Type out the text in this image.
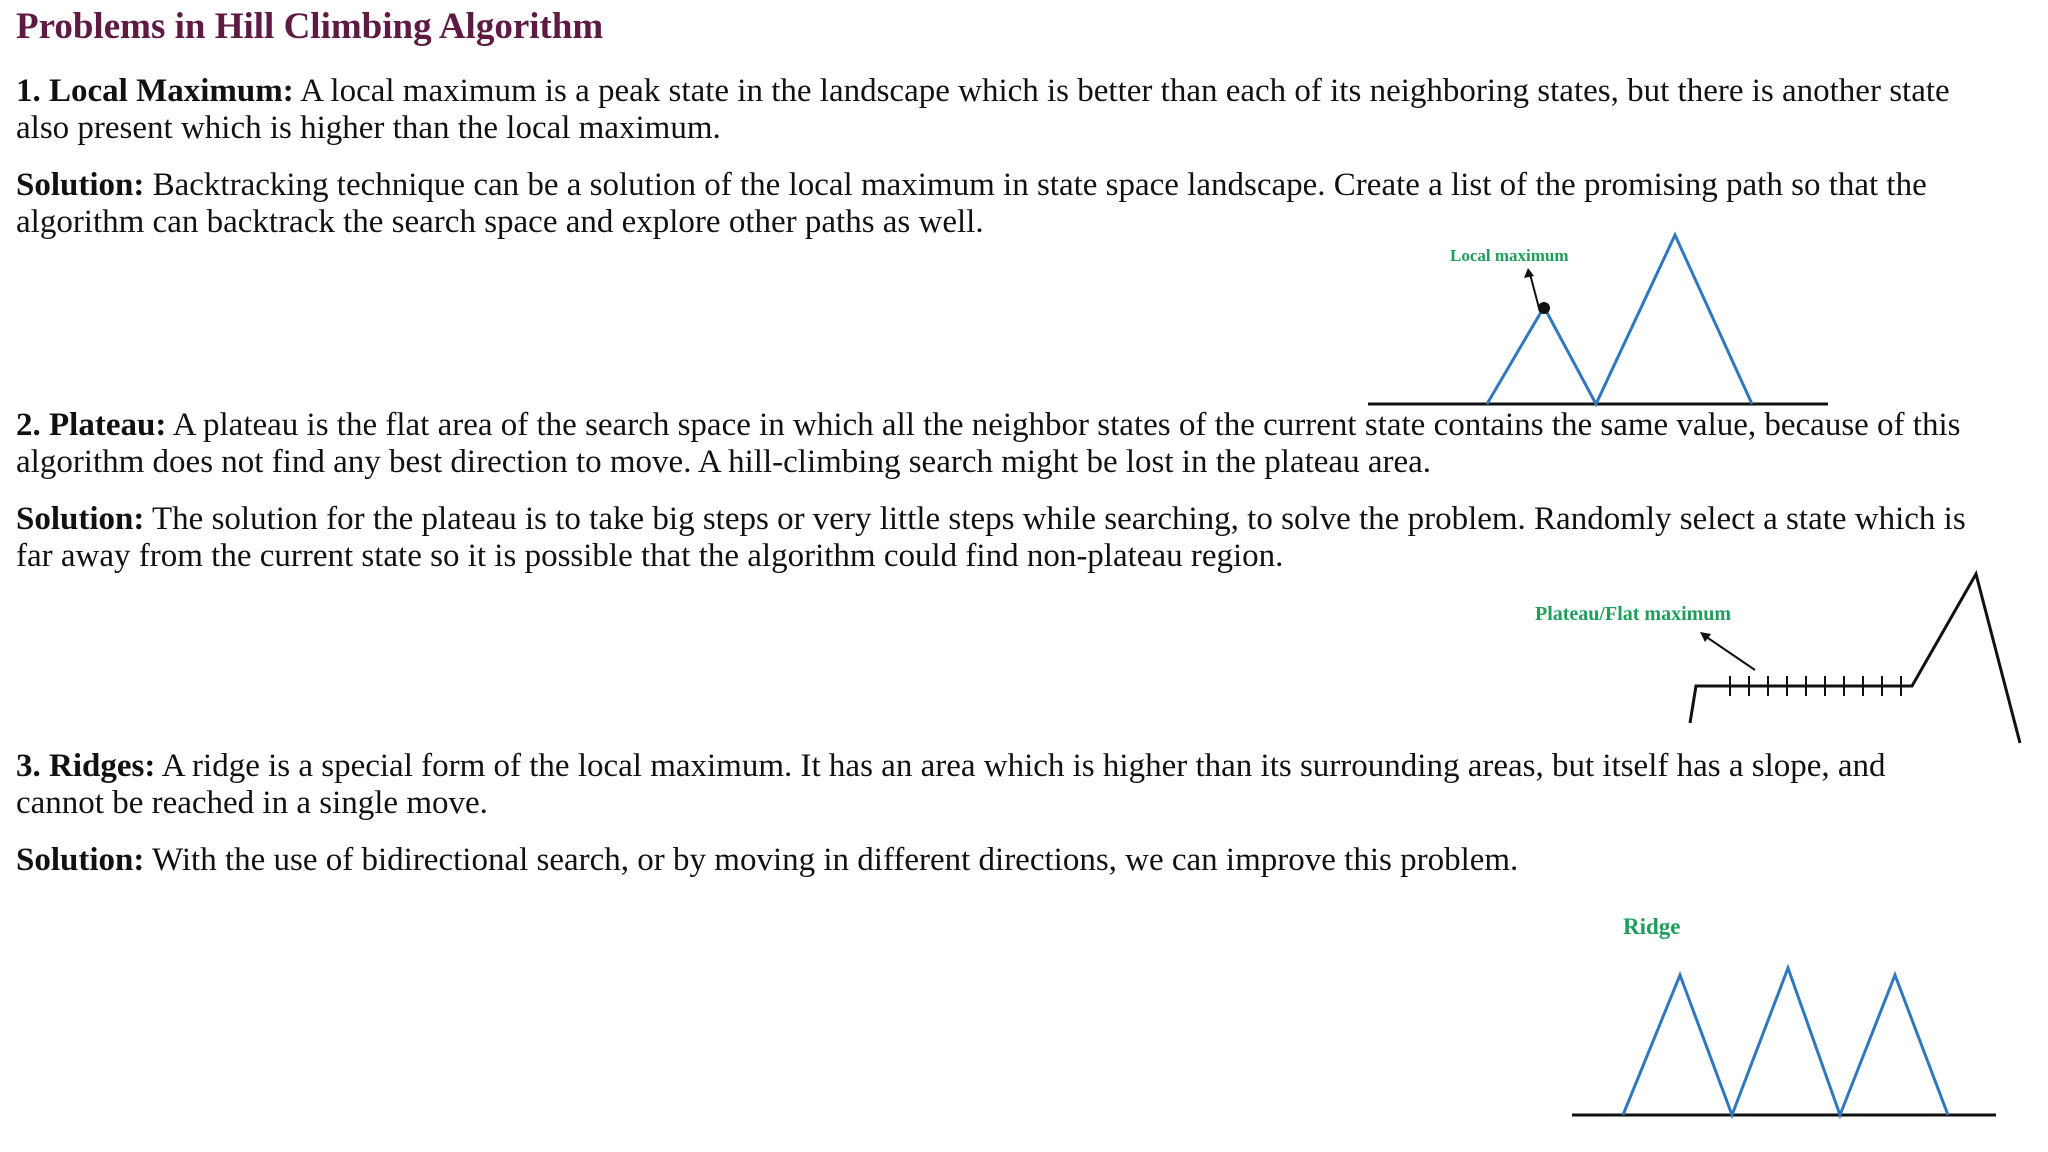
Problems in Hill Climbing Algorithm

1. Local Maximum: A local maximum is a peak state in the landscape which is better than each of its neighboring states, but there is another state
also present which is higher than the local maximum.

Solution: Backtracking technique can be a solution of the local maximum in state space landscape. Create a list of the promising path so that the
algorithm can backtrack the search space and explore other paths as well.

Local maximum

2. Plateau: A plateau is the flat area of the search space in which all the neighbor states of the current state contains the same value, because of this
algorithm does not find any best direction to move. A hill-climbing search might be lost in the plateau area.

Solution: The solution for the plateau is to take big steps or very little steps while searching, to solve the problem. Randomly select a state which is
far away from the current state so it is possible that the algorithm could find non-plateau region.

Plateau/Flat maximum

3. Ridges: A ridge is a special form of the local maximum. It has an area which is higher than its surrounding areas, but itself has a slope, and
cannot be reached in a single move.

Solution: With the use of bidirectional search, or by moving in different directions, we can improve this problem.

Ridge
